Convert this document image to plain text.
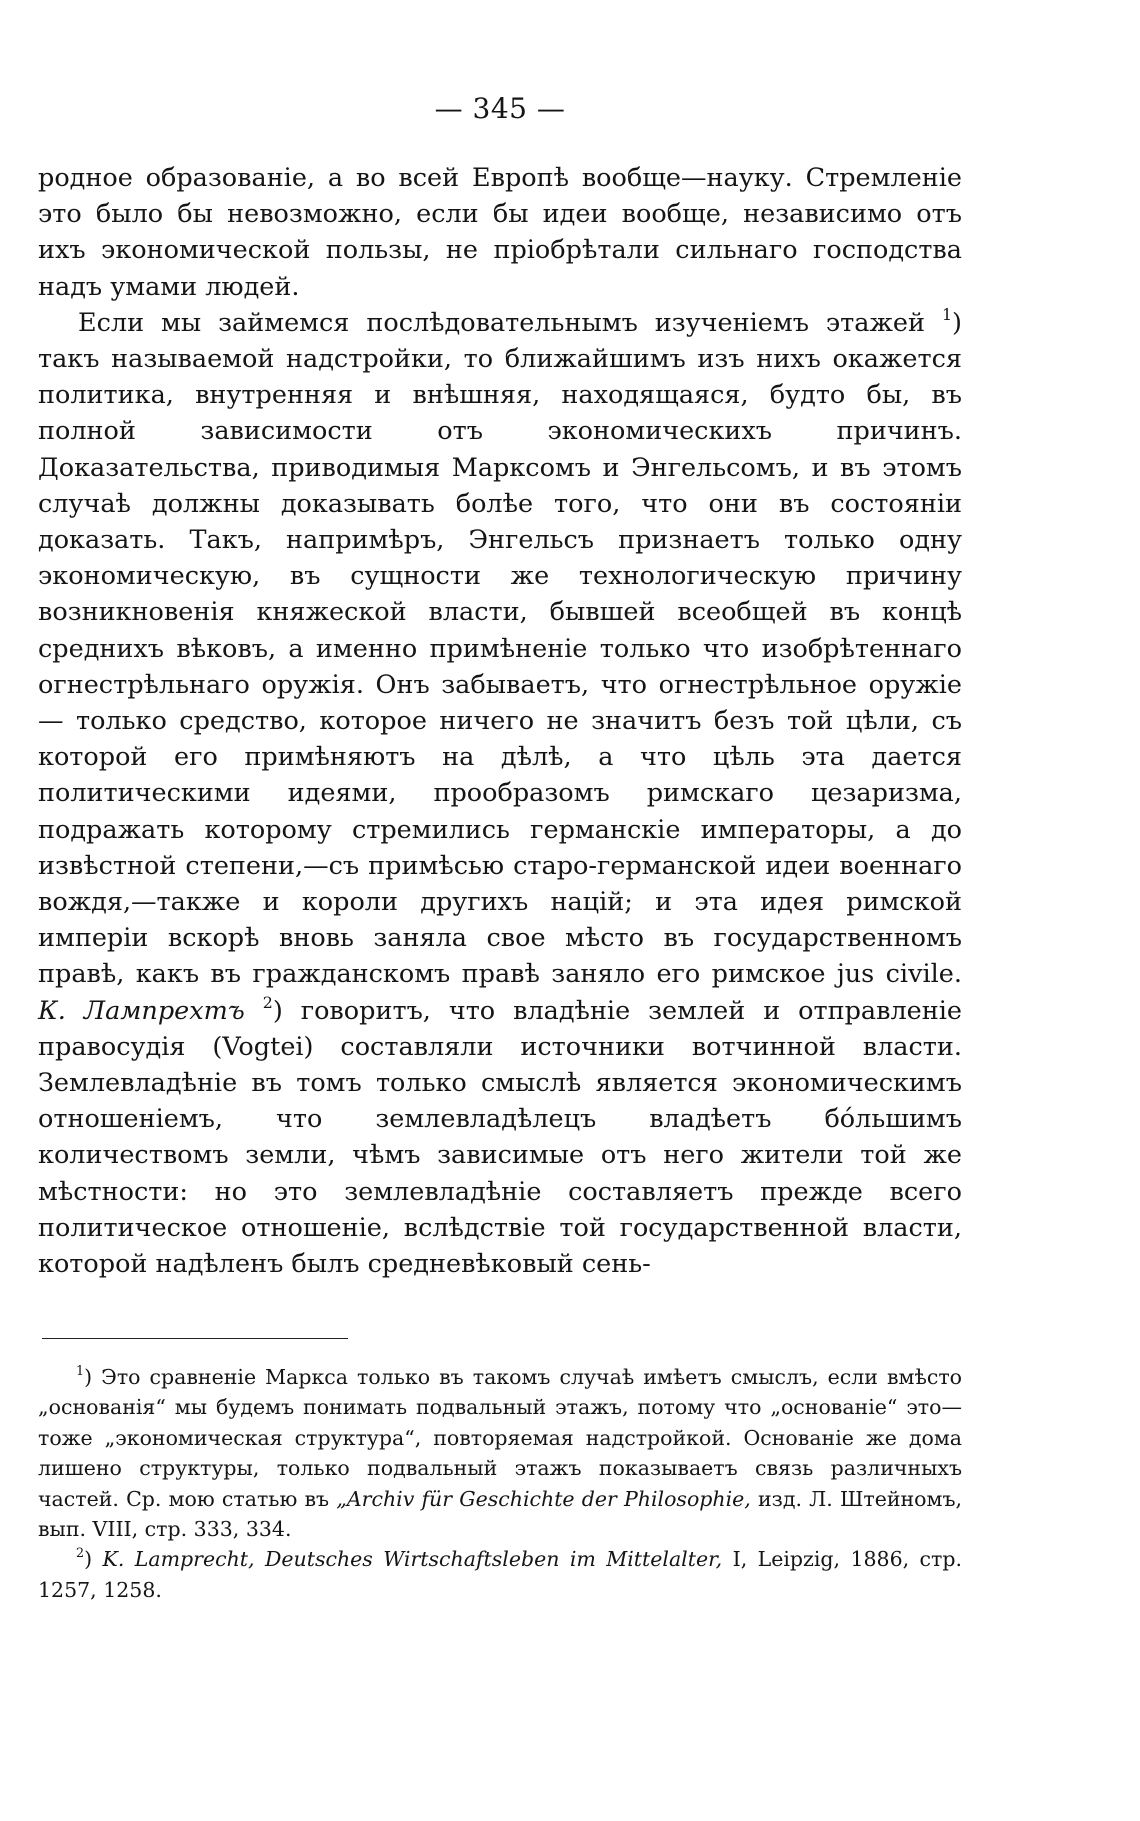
— 345 —

родное образованіе, а во всей Европѣ вообще—науку. Стремленіе это было бы невозможно, если бы идеи вообще, независимо отъ ихъ экономической пользы, не пріобрѣтали сильнаго господства надъ умами людей.

Если мы займемся послѣдовательнымъ изученіемъ этажей $^1$) такъ называемой надстройки, то ближайшимъ изъ нихъ окажется политика, внутренняя и внѣшняя, находящаяся, будто бы, въ полной зависимости отъ экономическихъ причинъ. Доказательства, приводимыя Марксомъ и Энгельсомъ, и въ этомъ случаѣ должны доказывать болѣе того, что они въ состояніи доказать. Такъ, напримѣръ, Энгельсъ признаетъ только одну экономическую, въ сущности же технологическую причину возникновенія княжеской власти, бывшей всеобщей въ концѣ среднихъ вѣковъ, а именно примѣненіе только что изобрѣтеннаго огнестрѣльнаго оружія. Онъ забываетъ, что огнестрѣльное оружіе — только средство, которое ничего не значитъ безъ той цѣли, съ которой его примѣняютъ на дѣлѣ, а что цѣль эта дается политическими идеями, прообразомъ римскаго цезаризма, подражать которому стремились германскіе императоры, а до извѣстной степени,—съ примѣсью старо-германской идеи военнаго вождя,—также и короли другихъ націй; и эта идея римской имперіи вскорѣ вновь заняла свое мѣсто въ государственномъ правѣ, какъ въ гражданскомъ правѣ заняло его римское jus civile. К. Лампрехтъ $^2$) говоритъ, что владѣніе землей и отправленіе правосудія (Vogtei) составляли источники вотчинной власти. Землевладѣніе въ томъ только смыслѣ является экономическимъ отношеніемъ, что землевладѣлецъ владѣетъ бóльшимъ количествомъ земли, чѣмъ зависимые отъ него жители той же мѣстности: но это землевладѣніе составляетъ прежде всего политическое отношеніе, вслѣдствіе той государственной власти, которой надѣленъ былъ средневѣковый сень-

$^1$) Это сравненіе Маркса только въ такомъ случаѣ имѣетъ смыслъ, если вмѣсто „основанія“ мы будемъ понимать подвальный этажъ, потому что „основаніе“ это—тоже „экономическая структура“, повторяемая надстройкой. Основаніе же дома лишено структуры, только подвальный этажъ показываетъ связь различныхъ частей. Ср. мою статью въ „Archiv für Geschichte der Philosophie, изд. Л. Штейномъ, вып. VIII, стр. 333, 334.

$^2$) K. Lamprecht, Deutsches Wirtschaftsleben im Mittelalter, I, Leipzig, 1886, стр. 1257, 1258.
